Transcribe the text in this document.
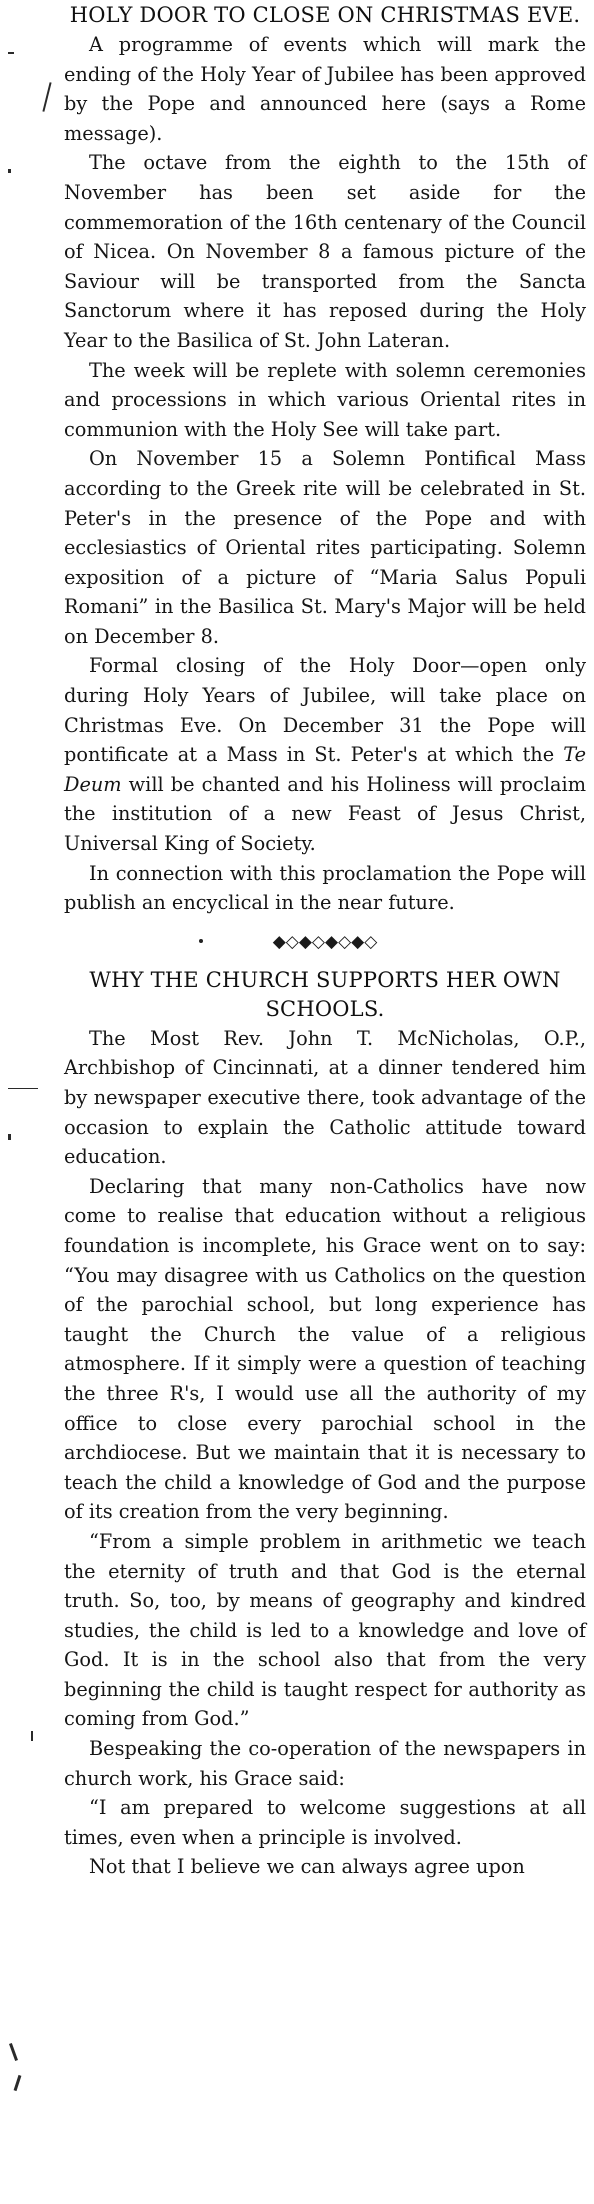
HOLY DOOR TO CLOSE ON CHRISTMAS EVE.

A programme of events which will mark the ending of the Holy Year of Jubilee has been approved by the Pope and announced here (says a Rome message).

The octave from the eighth to the 15th of November has been set aside for the commemoration of the 16th centenary of the Council of Nicea. On November 8 a famous picture of the Saviour will be transported from the Sancta Sanctorum where it has reposed during the Holy Year to the Basilica of St. John Lateran.

The week will be replete with solemn ceremonies and processions in which various Oriental rites in communion with the Holy See will take part.

On November 15 a Solemn Pontifical Mass according to the Greek rite will be celebrated in St. Peter's in the presence of the Pope and with ecclesiastics of Oriental rites participating. Solemn exposition of a picture of “Maria Salus Populi Romani” in the Basilica St. Mary's Major will be held on December 8.

Formal closing of the Holy Door—open only during Holy Years of Jubilee, will take place on Christmas Eve. On December 31 the Pope will pontificate at a Mass in St. Peter's at which the Te Deum will be chanted and his Holiness will proclaim the institution of a new Feast of Jesus Christ, Universal King of Society.

In connection with this proclamation the Pope will publish an encyclical in the near future.

◆◇◆◇◆◇◆◇
WHY THE CHURCH SUPPORTS HER OWN SCHOOLS.

The Most Rev. John T. McNicholas, O.P., Archbishop of Cincinnati, at a dinner tendered him by newspaper executive there, took advantage of the occasion to explain the Catholic attitude toward education.

Declaring that many non-Catholics have now come to realise that education without a religious foundation is incomplete, his Grace went on to say: “You may disagree with us Catholics on the question of the parochial school, but long experience has taught the Church the value of a religious atmosphere. If it simply were a question of teaching the three R's, I would use all the authority of my office to close every parochial school in the archdiocese. But we maintain that it is necessary to teach the child a knowledge of God and the purpose of its creation from the very beginning.

“From a simple problem in arithmetic we teach the eternity of truth and that God is the eternal truth. So, too, by means of geography and kindred studies, the child is led to a knowledge and love of God. It is in the school also that from the very beginning the child is taught respect for authority as coming from God.”

Bespeaking the co-operation of the newspapers in church work, his Grace said:

“I am prepared to welcome suggestions at all times, even when a principle is involved.

Not that I believe we can always agree upon
